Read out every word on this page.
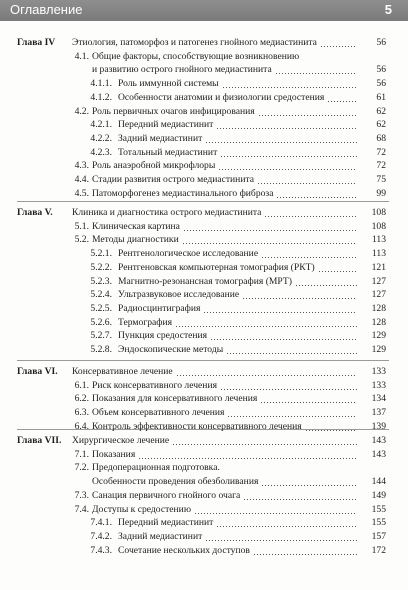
Оглавление	5
Глава IV Этиология, патоморфоз и патогенез гнойного медиастинита	56
4.1. Общие факторы, способствующие возникновению
и развитию острого гнойного медиастинита	56
4.1.1. Роль иммунной системы	56
4.1.2. Особенности анатомии и физиологии средостения	61
4.2. Роль первичных очагов инфицирования	62
4.2.1. Передний медиастинит	62
4.2.2. Задний медиастинит	68
4.2.3. Тотальный медиастинит	72
4.3. Роль анаэробной микрофлоры	72
4.4. Стадии развития острого медиастинита	75
4.5. Патоморфогенез медиастинального фиброза	99
Глава V. Клиника и диагностика острого медиастинита	108
5.1. Клиническая картина	108
5.2. Методы диагностики	113
5.2.1. Рентгенологическое исследование	113
5.2.2. Рентгеновская компьютерная томография (РКТ)	121
5.2.3. Магнитно-резонансная томография (МРТ)	127
5.2.4. Ультразвуковое исследование	127
5.2.5. Радиосцинтиграфия	128
5.2.6. Термография	128
5.2.7. Пункция средостения	129
5.2.8. Эндоскопические методы	129
Глава VI. Консервативное лечение	133
6.1. Риск консервативного лечения	133
6.2. Показания для консервативного лечения	134
6.3. Объем консервативного лечения	137
6.4. Контроль эффективности консервативного лечения	139
Глава VII. Хирургическое лечение	143
7.1. Показания	143
7.2. Предоперационная подготовка.
Особенности проведения обезболивания	144
7.3. Санация первичного гнойного очага	149
7.4. Доступы к средостению	155
7.4.1. Передний медиастинит	155
7.4.2. Задний медиастинит	157
7.4.3. Сочетание нескольких доступов	172
